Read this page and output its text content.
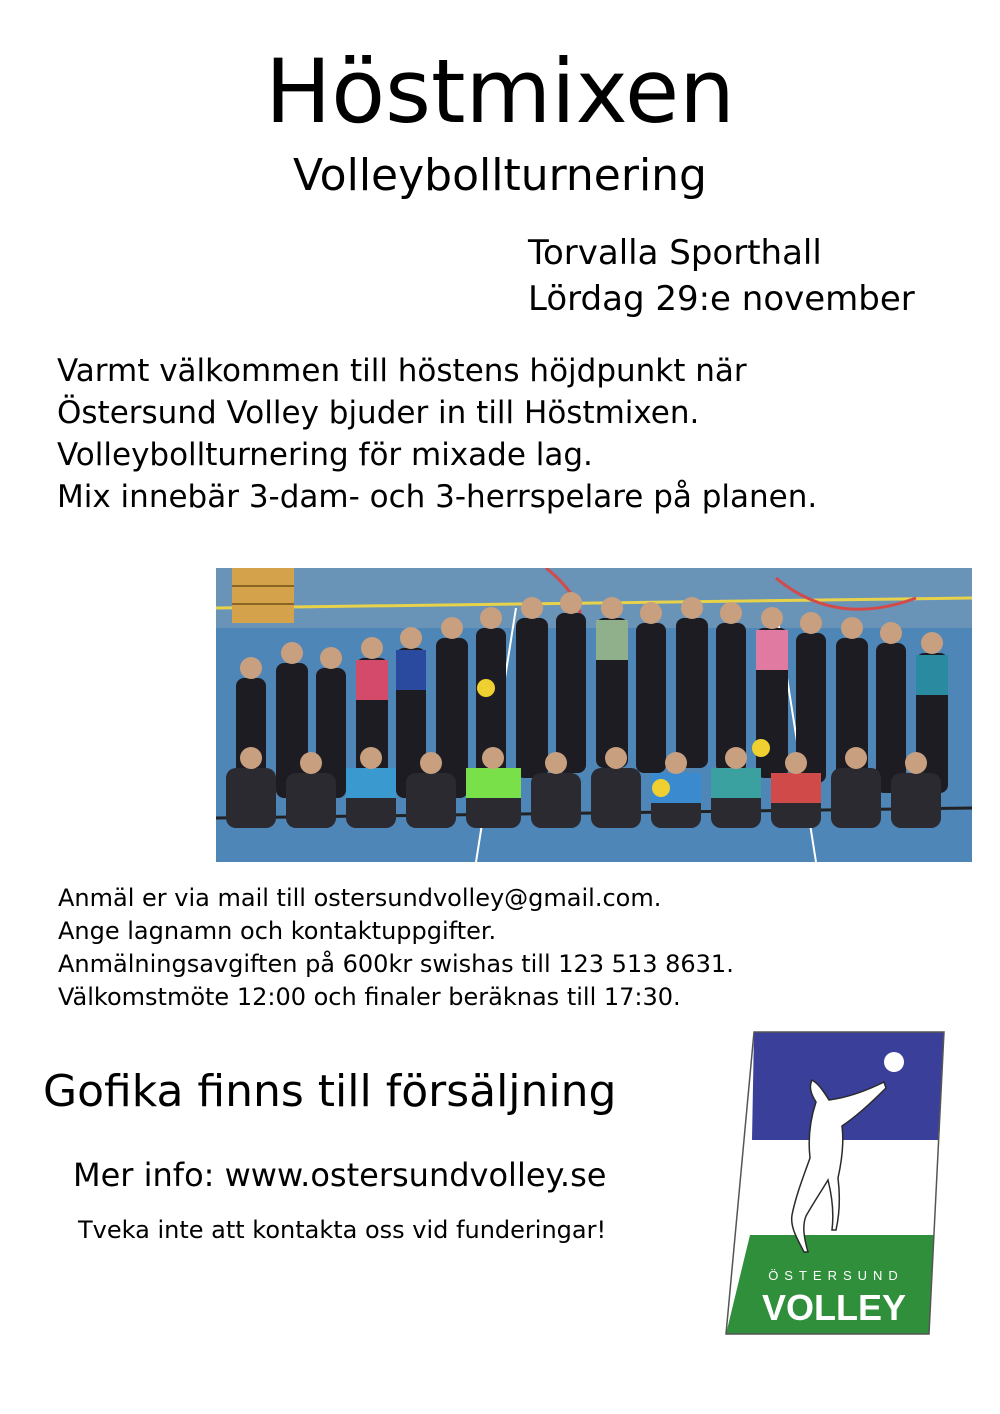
Höstmixen
Volleybollturnering
Torvalla Sporthall
Lördag 29:e november
Varmt välkommen till höstens höjdpunkt när
Östersund Volley bjuder in till Höstmixen.
Volleybollturnering för mixade lag.
Mix innebär 3-dam- och 3-herrspelare på planen.
Anmäl er via mail till ostersundvolley@gmail.com.
Ange lagnamn och kontaktuppgifter.
Anmälningsavgiften på 600kr swishas till 123 513 8631.
Välkomstmöte 12:00 och finaler beräknas till 17:30.
Gofika finns till försäljning
Mer info: www.ostersundvolley.se
Tveka inte att kontakta oss vid funderingar!
ÖSTERSUND
VOLLEY
